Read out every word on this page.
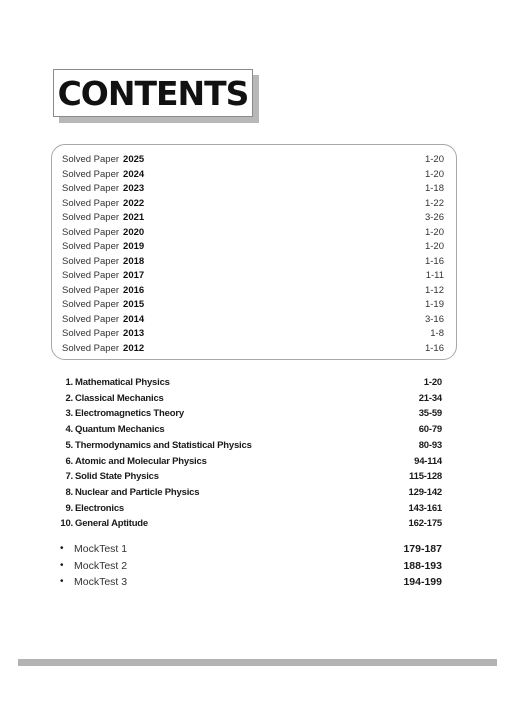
CONTENTS
Solved Paper 2025	1-20
Solved Paper 2024	1-20
Solved Paper 2023	1-18
Solved Paper 2022	1-22
Solved Paper 2021	3-26
Solved Paper 2020	1-20
Solved Paper 2019	1-20
Solved Paper 2018	1-16
Solved Paper 2017	1-11
Solved Paper 2016	1-12
Solved Paper 2015	1-19
Solved Paper 2014	3-16
Solved Paper 2013	1-8
Solved Paper 2012	1-16
1. Mathematical Physics	1-20
2. Classical Mechanics	21-34
3. Electromagnetics Theory	35-59
4. Quantum Mechanics	60-79
5. Thermodynamics and Statistical Physics	80-93
6. Atomic and Molecular Physics	94-114
7. Solid State Physics	115-128
8. Nuclear and Particle Physics	129-142
9. Electronics	143-161
10. General Aptitude	162-175
• MockTest 1	179-187
• MockTest 2	188-193
• MockTest 3	194-199
